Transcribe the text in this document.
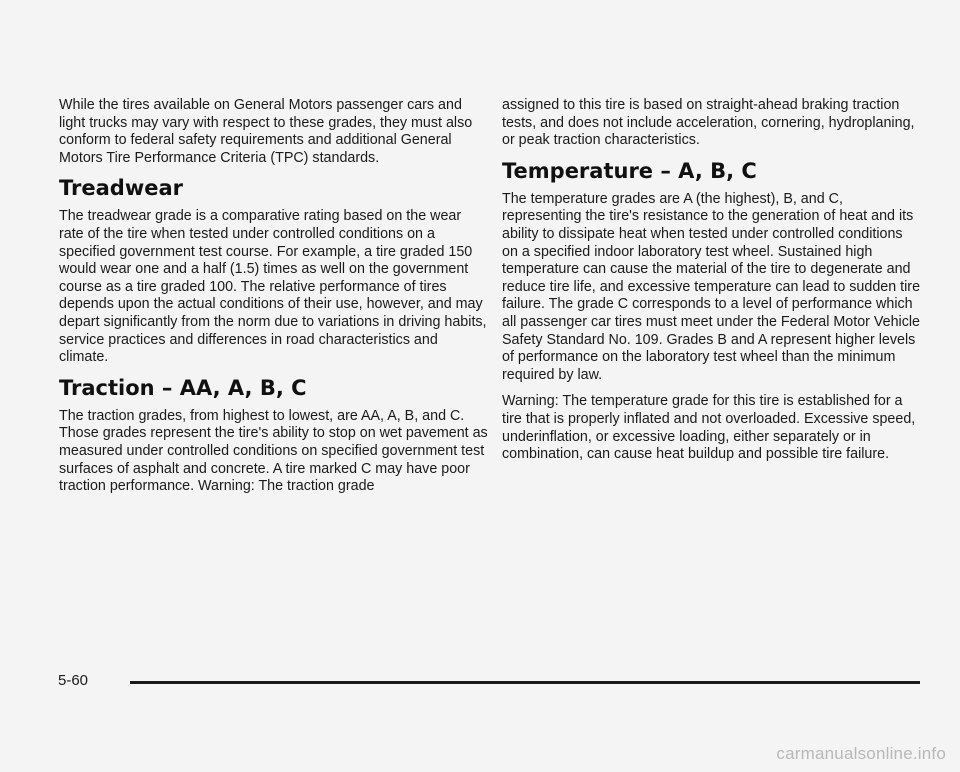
While the tires available on General Motors passenger cars and light trucks may vary with respect to these grades, they must also conform to federal safety requirements and additional General Motors Tire Performance Criteria (TPC) standards.

Treadwear

The treadwear grade is a comparative rating based on the wear rate of the tire when tested under controlled conditions on a specified government test course. For example, a tire graded 150 would wear one and a half (1.5) times as well on the government course as a tire graded 100. The relative performance of tires depends upon the actual conditions of their use, however, and may depart significantly from the norm due to variations in driving habits, service practices and differences in road characteristics and climate.

Traction – AA, A, B, C

The traction grades, from highest to lowest, are AA, A, B, and C. Those grades represent the tire's ability to stop on wet pavement as measured under controlled conditions on specified government test surfaces of asphalt and concrete. A tire marked C may have poor traction performance. Warning: The traction grade

assigned to this tire is based on straight-ahead braking traction tests, and does not include acceleration, cornering, hydroplaning, or peak traction characteristics.

Temperature – A, B, C

The temperature grades are A (the highest), B, and C, representing the tire's resistance to the generation of heat and its ability to dissipate heat when tested under controlled conditions on a specified indoor laboratory test wheel. Sustained high temperature can cause the material of the tire to degenerate and reduce tire life, and excessive temperature can lead to sudden tire failure. The grade C corresponds to a level of performance which all passenger car tires must meet under the Federal Motor Vehicle Safety Standard No. 109. Grades B and A represent higher levels of performance on the laboratory test wheel than the minimum required by law.

Warning: The temperature grade for this tire is established for a tire that is properly inflated and not overloaded. Excessive speed, underinflation, or excessive loading, either separately or in combination, can cause heat buildup and possible tire failure.

5-60
carmanualsonline.info
